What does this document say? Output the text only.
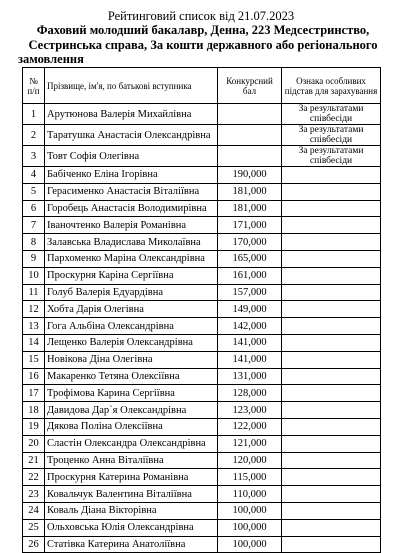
Рейтинговий список від 21.07.2023
Фаховий молодший бакалавр, Денна, 223 Медсестринство, Сестринська справа, За кошти державного або регіонального
замовлення
№ п/п	Прізвище, ім'я, по батькові вступника	Конкурсний бал	Ознака особливих підстав для зарахування
1	Арутюнова Валерія Михайлівна		За результатами співбесіди
2	Таратушка Анастасія Олександрівна		За результатами співбесіди
3	Товт Софія Олегівна		За результатами співбесіди
4	Бабіченко Еліна Ігорівна	190,000	
5	Герасименко Анастасія Віталіївна	181,000	
6	Горобець Анастасія Володимирівна	181,000	
7	Іваночтенко Валерія Романівна	171,000	
8	Залавська Владислава Миколаївна	170,000	
9	Пархоменко Маріна Олександрівна	165,000	
10	Проскурня Каріна Сергіївна	161,000	
11	Голуб Валерія Едуардівна	157,000	
12	Хобта Дарія Олегівна	149,000	
13	Гога Альбіна Олександрівна	142,000	
14	Лещенко Валерія Олександрівна	141,000	
15	Новікова Діна Олегівна	141,000	
16	Макаренко Тетяна Олексіївна	131,000	
17	Трофімова Карина Сергіївна	128,000	
18	Давидова Дар`я Олександрівна	123,000	
19	Дякова Поліна Олексіївна	122,000	
20	Сластін Олександра Олександрівна	121,000	
21	Троценко Анна Віталіївна	120,000	
22	Проскурня Катерина Романівна	115,000	
23	Ковальчук Валентина Віталіївна	110,000	
24	Коваль Діана Вікторівна	100,000	
25	Ольховська Юлія Олександрівна	100,000	
26	Статівка Катерина Анатоліївна	100,000	
